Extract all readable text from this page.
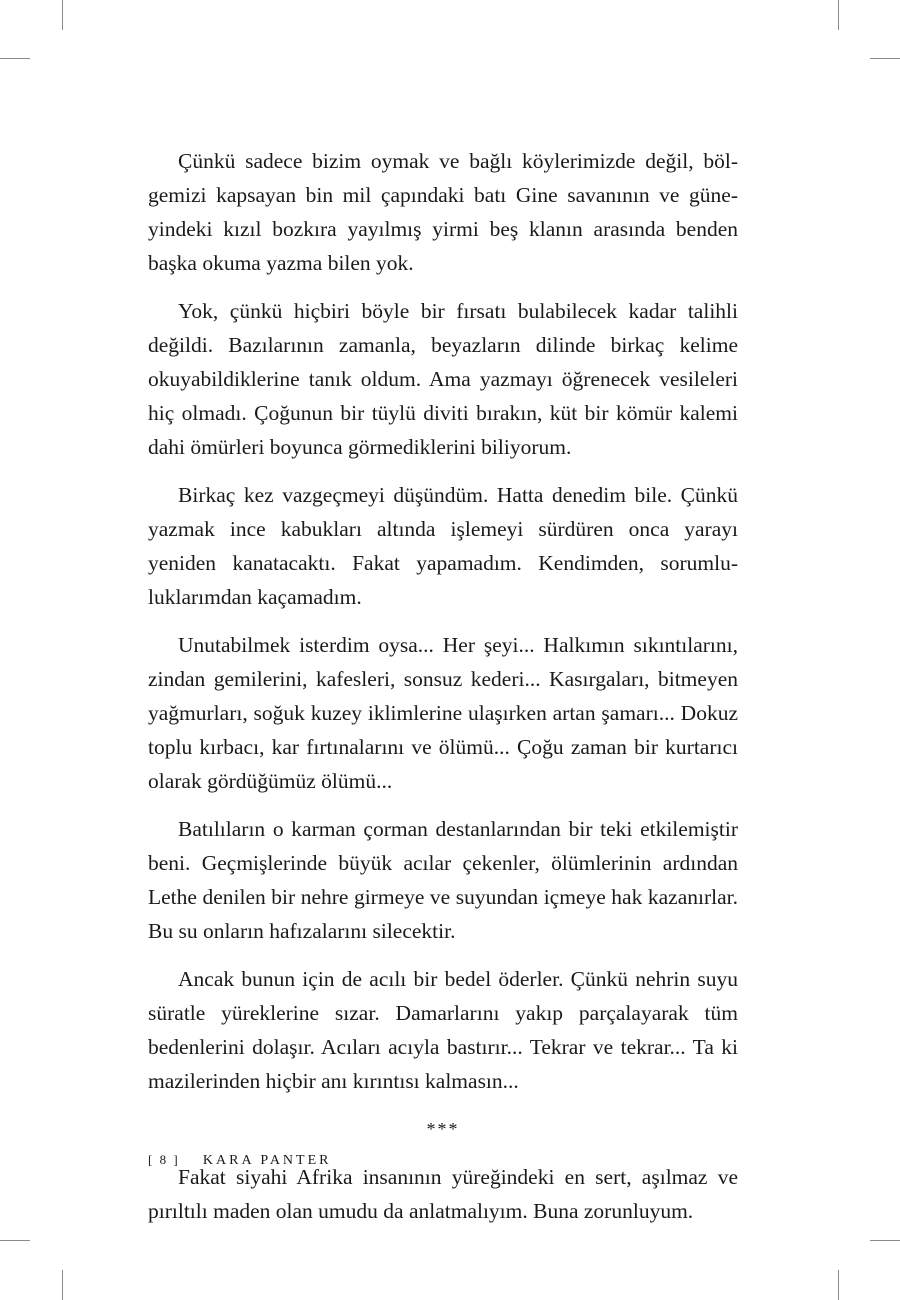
Çünkü sadece bizim oymak ve bağlı köylerimizde değil, bölgemizi kapsayan bin mil çapındaki batı Gine savanının ve güneyindeki kızıl bozkıra yayılmış yirmi beş klanın arasında benden başka okuma yazma bilen yok.

Yok, çünkü hiçbiri böyle bir fırsatı bulabilecek kadar talihli değildi. Bazılarının zamanla, beyazların dilinde birkaç kelime okuyabildiklerine tanık oldum. Ama yazmayı öğrenecek vesileleri hiç olmadı. Çoğunun bir tüylü diviti bırakın, küt bir kömür kalemi dahi ömürleri boyunca görmediklerini biliyorum.

Birkaç kez vazgeçmeyi düşündüm. Hatta denedim bile. Çünkü yazmak ince kabukları altında işlemeyi sürdüren onca yarayı yeniden kanatacaktı. Fakat yapamadım. Kendimden, sorumluluklarımdan kaçamadım.

Unutabilmek isterdim oysa... Her şeyi... Halkımın sıkıntılarını, zindan gemilerini, kafesleri, sonsuz kederi... Kasırgaları, bitmeyen yağmurları, soğuk kuzey iklimlerine ulaşırken artan şamarı... Dokuz toplu kırbacı, kar fırtınalarını ve ölümü... Çoğu zaman bir kurtarıcı olarak gördüğümüz ölümü...

Batılıların o karman çorman destanlarından bir teki etkilemiştir beni. Geçmişlerinde büyük acılar çekenler, ölümlerinin ardından Lethe denilen bir nehre girmeye ve suyundan içmeye hak kazanırlar. Bu su onların hafızalarını silecektir.

Ancak bunun için de acılı bir bedel öderler. Çünkü nehrin suyu süratle yüreklerine sızar. Damarlarını yakıp parçalayarak tüm bedenlerini dolaşır. Acıları acıyla bastırır... Tekrar ve tekrar... Ta ki mazilerinden hiçbir anı kırıntısı kalmasın...

***

Fakat siyahi Afrika insanının yüreğindeki en sert, aşılmaz ve pırıltılı maden olan umudu da anlatmalıyım. Buna zorunluyum.

[ 8 ] KARA PANTER
